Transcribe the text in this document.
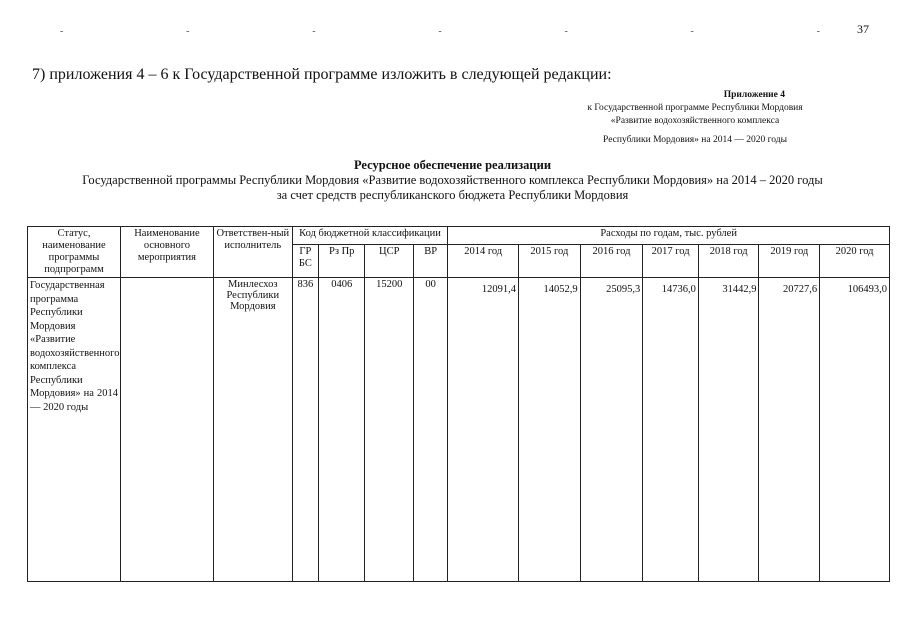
37
-	-	-	-	-	-	-
7) приложения 4 – 6 к Государственной программе изложить в следующей редакции:
Приложение 4
к Государственной программе Республики Мордовия
«Развитие водохозяйственного комплекса
Республики Мордовия» на 2014 — 2020 годы
Ресурсное обеспечение реализации
Государственной программы Республики Мордовия «Развитие водохозяйственного комплекса Республики Мордовия» на 2014 – 2020 годы
за счет средств республиканского бюджета Республики Мордовия
Статус, наименование программы подпрограмм	Наименование основного мероприятия	Ответствен-ный исполнитель	Код бюджетной классификации				Расходы по годам, тыс. рублей						
			ГР БС	Рз Пр	ЦСР	ВР	2014 год	2015 год	2016 год	2017 год	2018 год	2019 год	2020 год
Государственная программа Республики Мордовия «Развитие водохозяйственного комплекса Республики Мордовия» на 2014 — 2020 годы		Минлесхоз Республики Мордовия	836	0406	15200	00	12091,4	14052,9	25095,3	14736,0	31442,9	20727,6	106493,0
